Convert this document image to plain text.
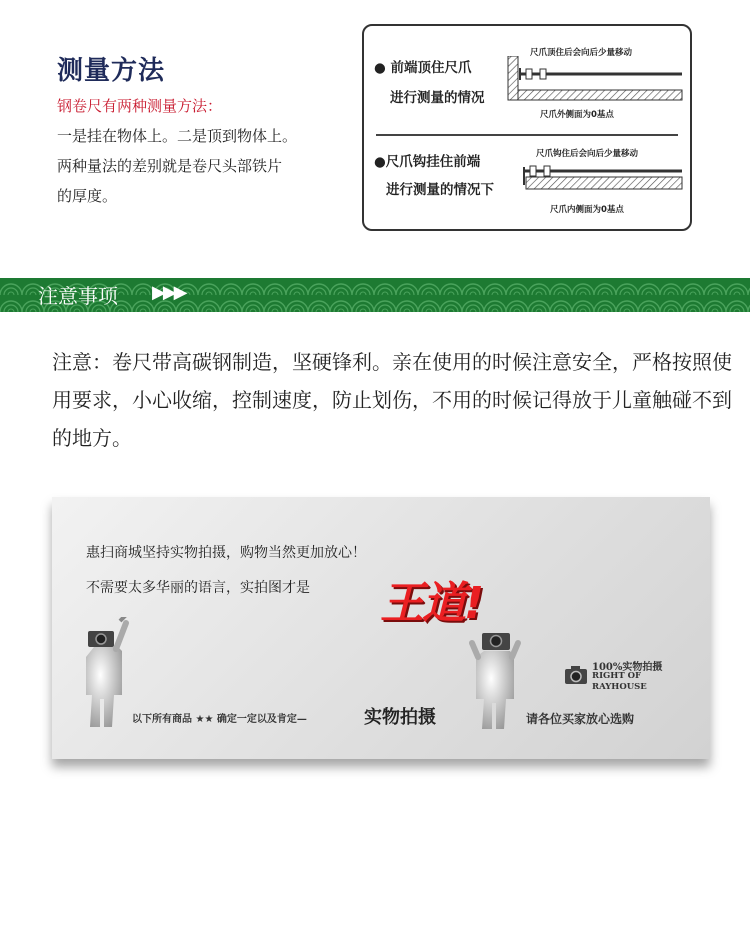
测量方法
钢卷尺有两种测量方法：
一是挂在物体上。二是顶到物体上。
两种量法的差别就是卷尺头部铁片
的厚度。
● 前端顶住尺爪
进行测量的情况
尺爪顶住后会向后少量移动
尺爪外侧面为0基点
●尺爪钩挂住前端
进行测量的情况下
尺爪钩住后会向后少量移动
尺爪内侧面为0基点
注意事项 ▶▶▶
注意：卷尺带高碳钢制造，坚硬锋利。亲在使用的时候注意安全，严格按照使用要求，小心收缩，控制速度，防止划伤，不用的时候记得放于儿童触碰不到的地方。
惠扫商城坚持实物拍摄，购物当然更加放心！
不需要太多华丽的语言，实拍图才是 王道!
100%实物拍摄
RIGHT OF
RAYHOUSE
以下所有商品 ★★ 确定一定以及肯定—	实物拍摄	请各位买家放心选购
